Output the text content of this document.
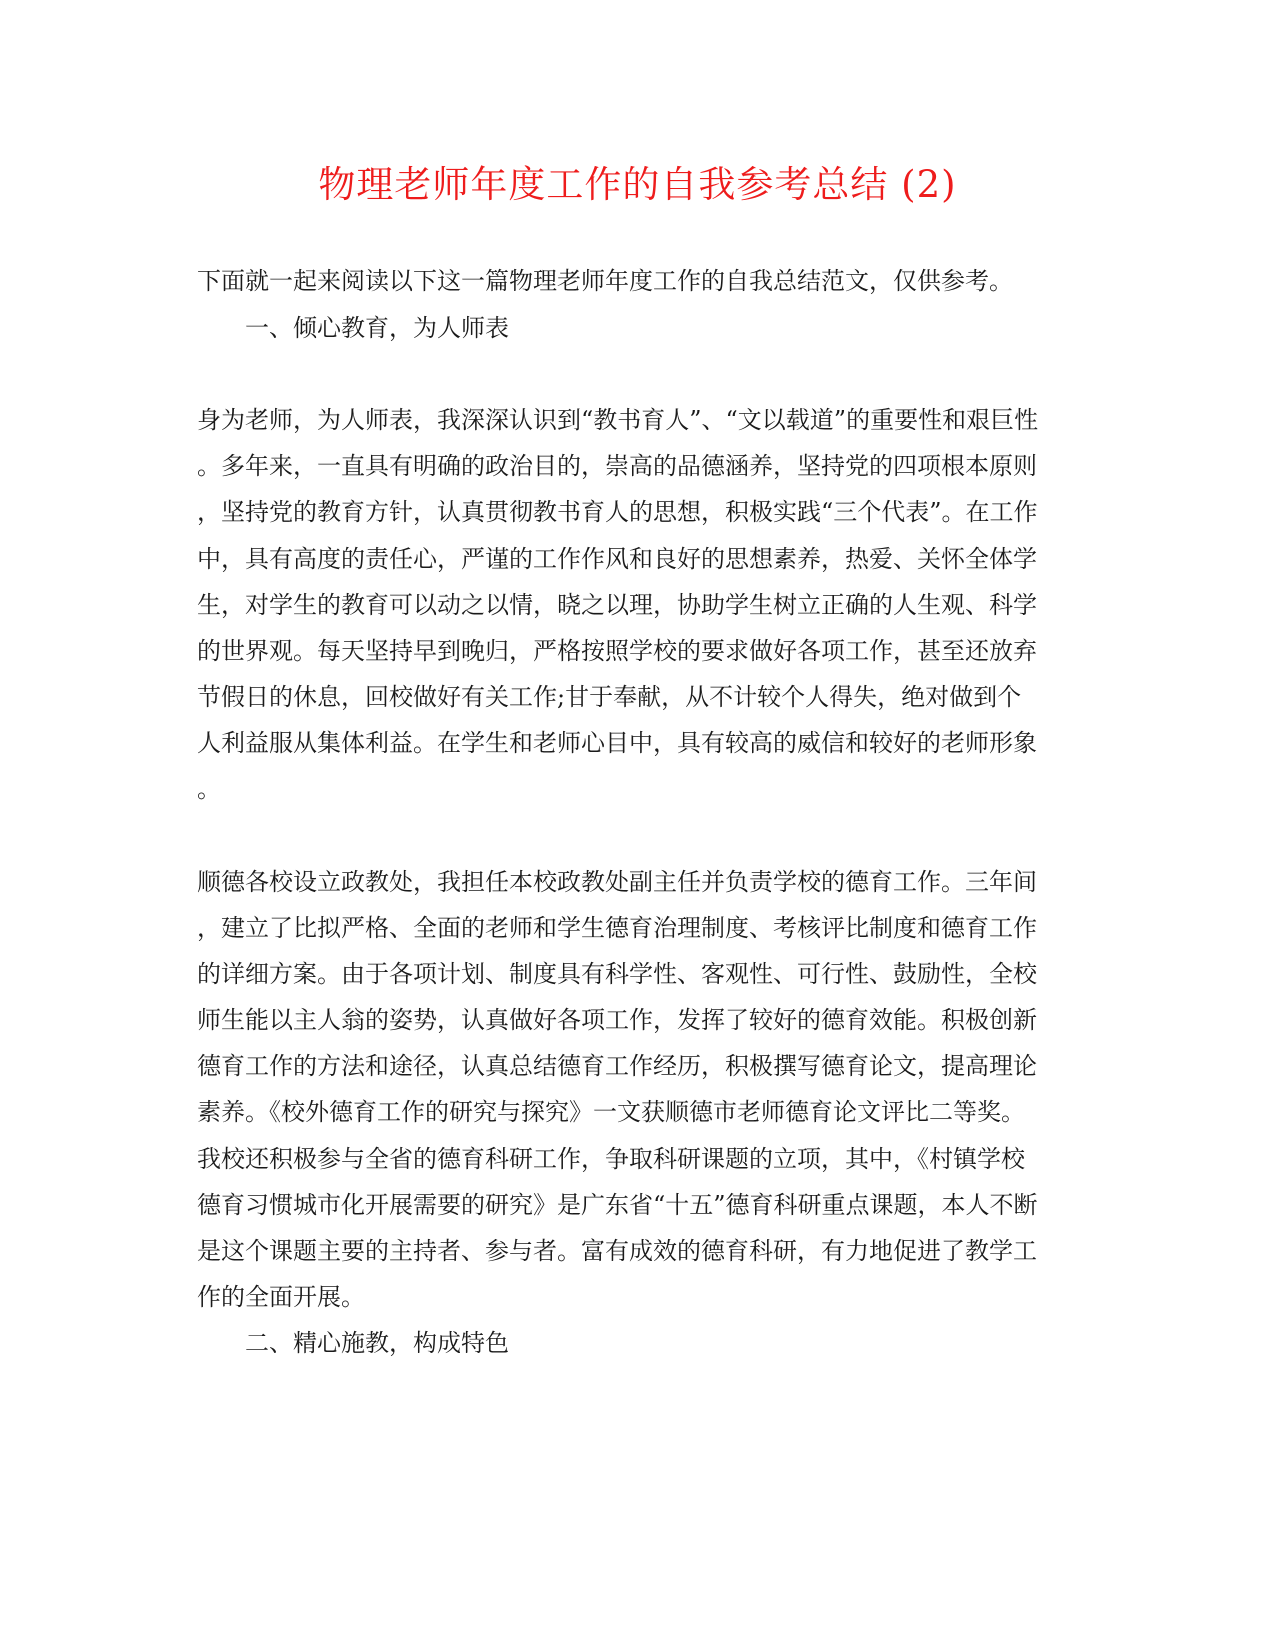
物理老师年度工作的自我参考总结 (2)
下面就一起来阅读以下这一篇物理老师年度工作的自我总结范文，仅供参考。
一、倾心教育，为人师表
身为老师，为人师表，我深深认识到“教书育人”、“文以载道”的重要性和艰巨性
。多年来，一直具有明确的政治目的，崇高的品德涵养，坚持党的四项根本原则
，坚持党的教育方针，认真贯彻教书育人的思想，积极实践“三个代表”。在工作
中，具有高度的责任心，严谨的工作作风和良好的思想素养，热爱、关怀全体学
生，对学生的教育可以动之以情，晓之以理，协助学生树立正确的人生观、科学
的世界观。每天坚持早到晚归，严格按照学校的要求做好各项工作，甚至还放弃
节假日的休息，回校做好有关工作;甘于奉献，从不计较个人得失，绝对做到个
人利益服从集体利益。在学生和老师心目中，具有较高的威信和较好的老师形象
。
顺德各校设立政教处，我担任本校政教处副主任并负责学校的德育工作。三年间
，建立了比拟严格、全面的老师和学生德育治理制度、考核评比制度和德育工作
的详细方案。由于各项计划、制度具有科学性、客观性、可行性、鼓励性，全校
师生能以主人翁的姿势，认真做好各项工作，发挥了较好的德育效能。积极创新
德育工作的方法和途径，认真总结德育工作经历，积极撰写德育论文，提高理论
素养。《校外德育工作的研究与探究》一文获顺德市老师德育论文评比二等奖。
我校还积极参与全省的德育科研工作，争取科研课题的立项，其中，《村镇学校
德育习惯城市化开展需要的研究》是广东省“十五”德育科研重点课题，本人不断
是这个课题主要的主持者、参与者。富有成效的德育科研，有力地促进了教学工
作的全面开展。
二、精心施教，构成特色
